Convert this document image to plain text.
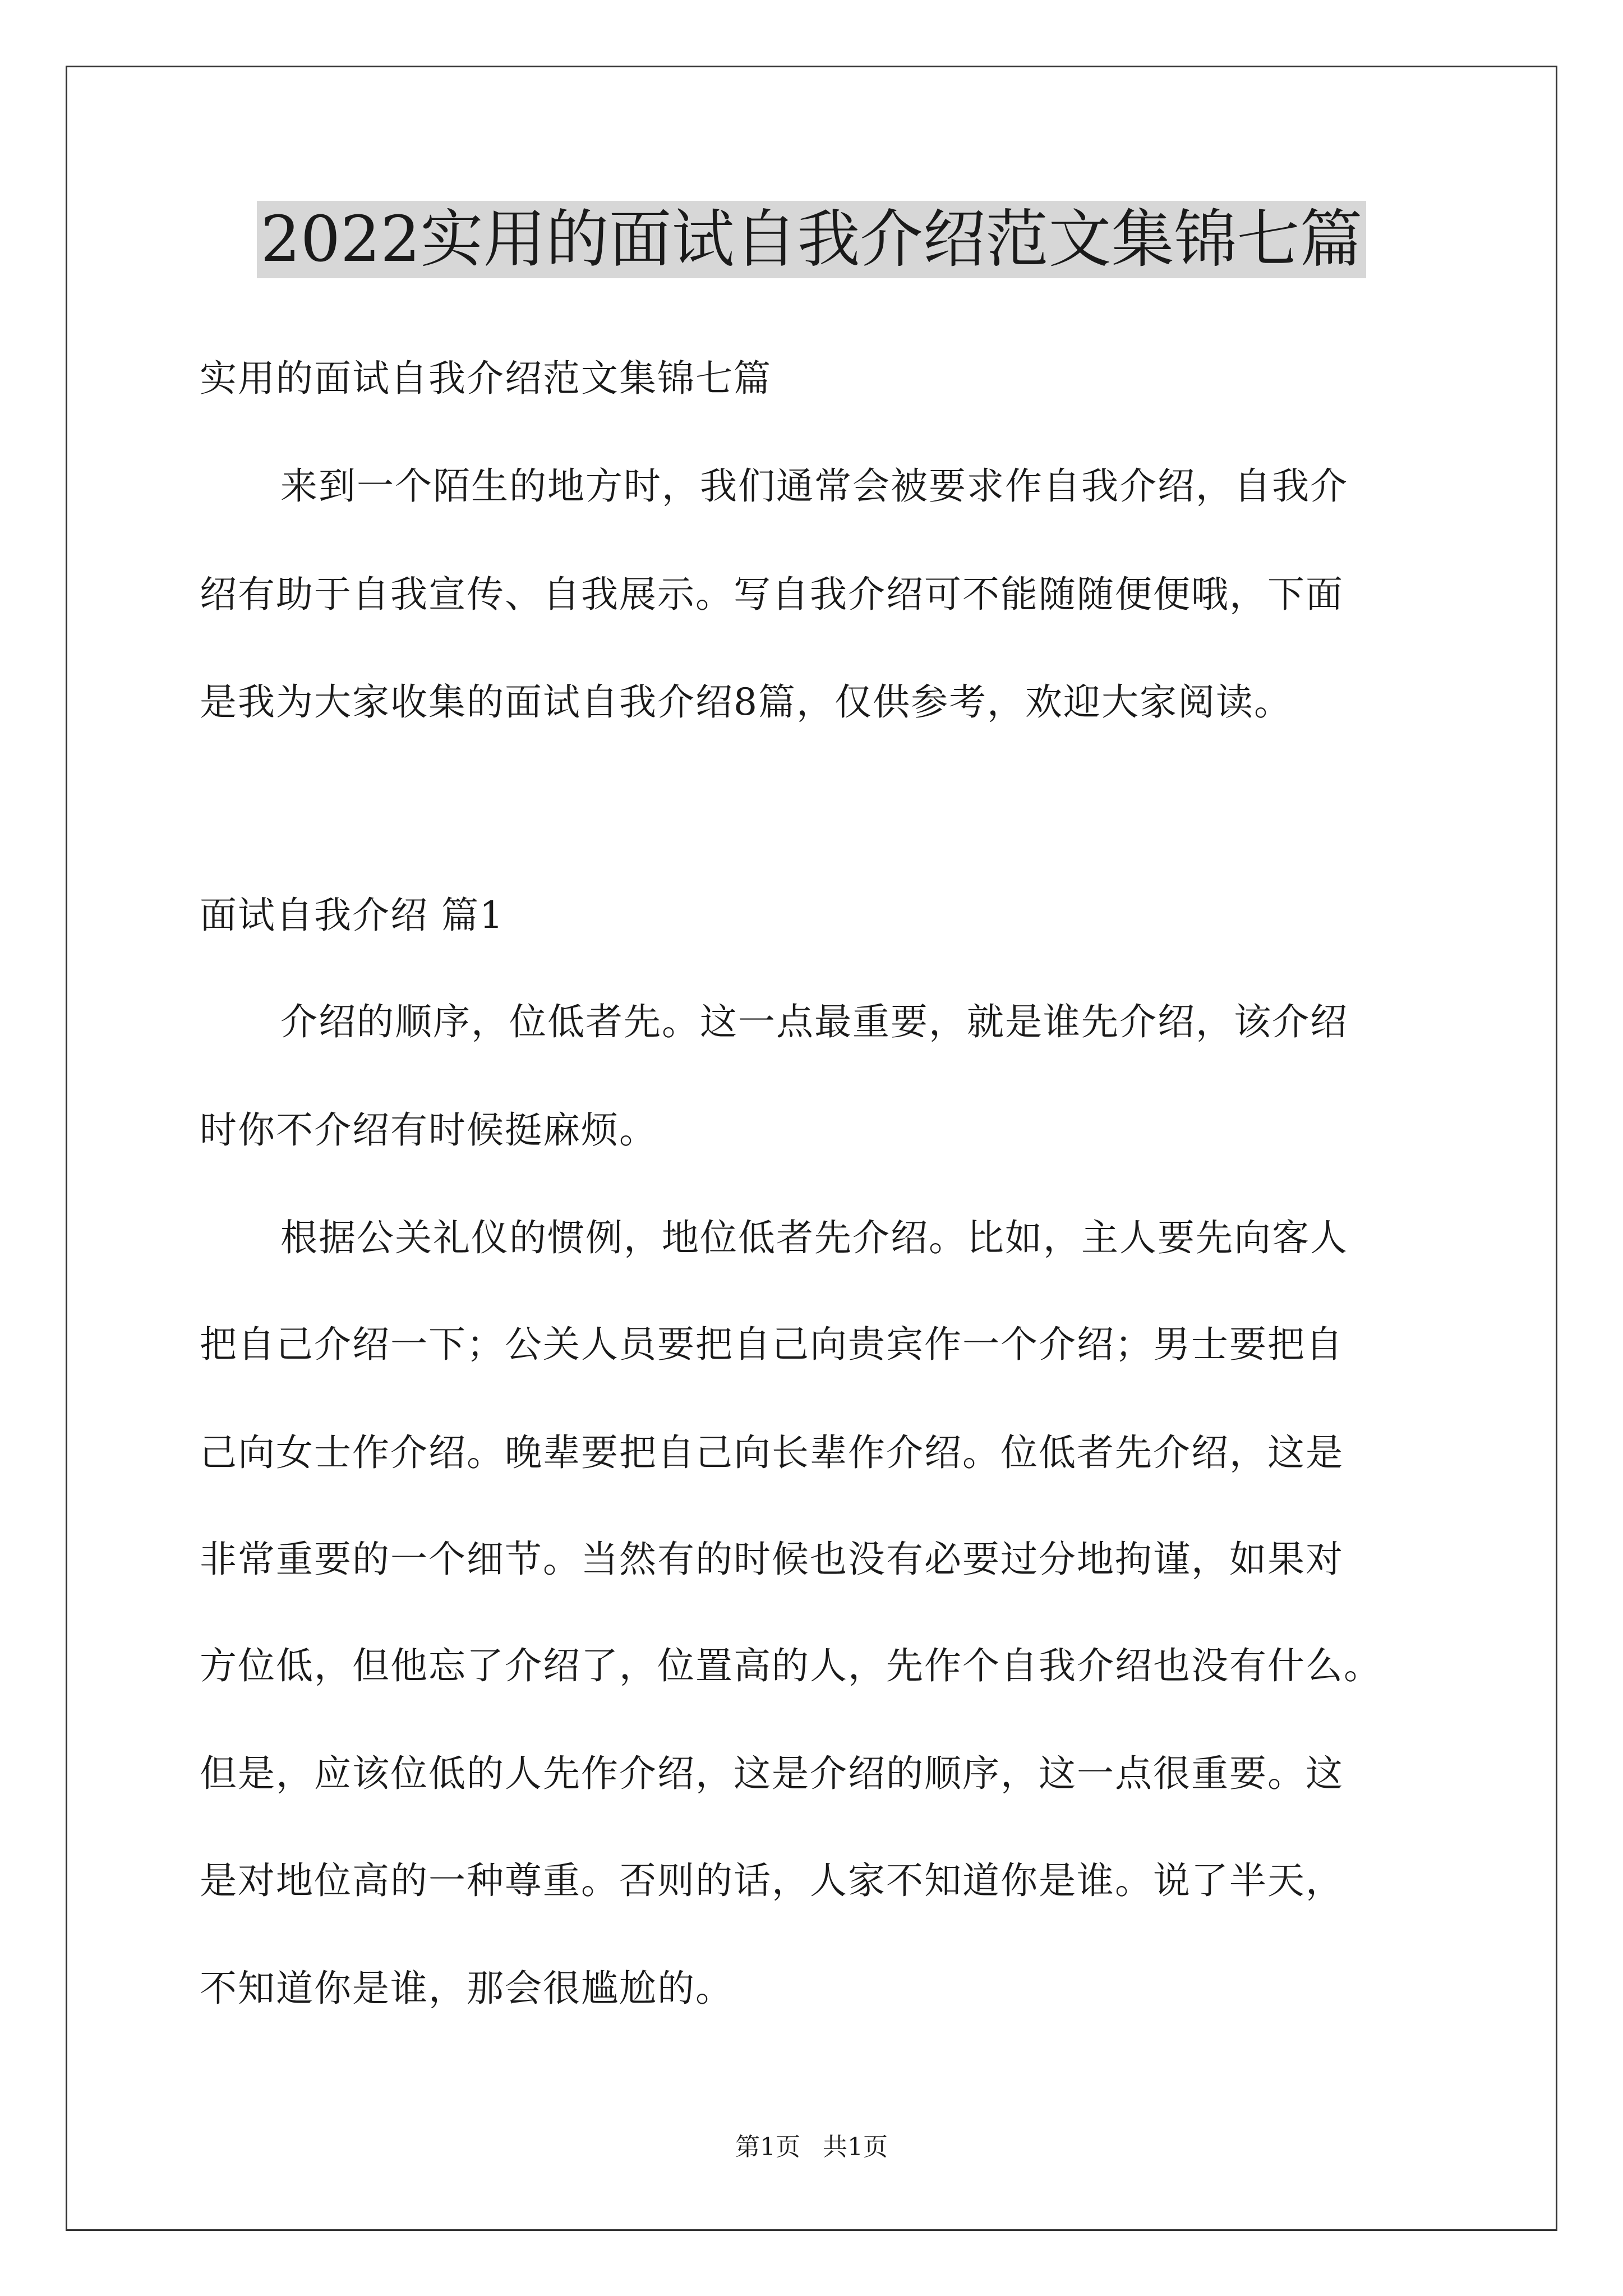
2022实用的面试自我介绍范文集锦七篇
实用的面试自我介绍范文集锦七篇
来到一个陌生的地方时，我们通常会被要求作自我介绍，自我介
绍有助于自我宣传、自我展示。写自我介绍可不能随随便便哦，下面
是我为大家收集的面试自我介绍8篇，仅供参考，欢迎大家阅读。
面试自我介绍 篇1
介绍的顺序，位低者先。这一点最重要，就是谁先介绍，该介绍
时你不介绍有时候挺麻烦。
根据公关礼仪的惯例，地位低者先介绍。比如，主人要先向客人
把自己介绍一下；公关人员要把自己向贵宾作一个介绍；男士要把自
己向女士作介绍。晚辈要把自己向长辈作介绍。位低者先介绍，这是
非常重要的一个细节。当然有的时候也没有必要过分地拘谨，如果对
方位低，但他忘了介绍了，位置高的人，先作个自我介绍也没有什么。
但是，应该位低的人先作介绍，这是介绍的顺序，这一点很重要。这
是对地位高的一种尊重。否则的话，人家不知道你是谁。说了半天，
不知道你是谁，那会很尴尬的。
第1页 共1页
